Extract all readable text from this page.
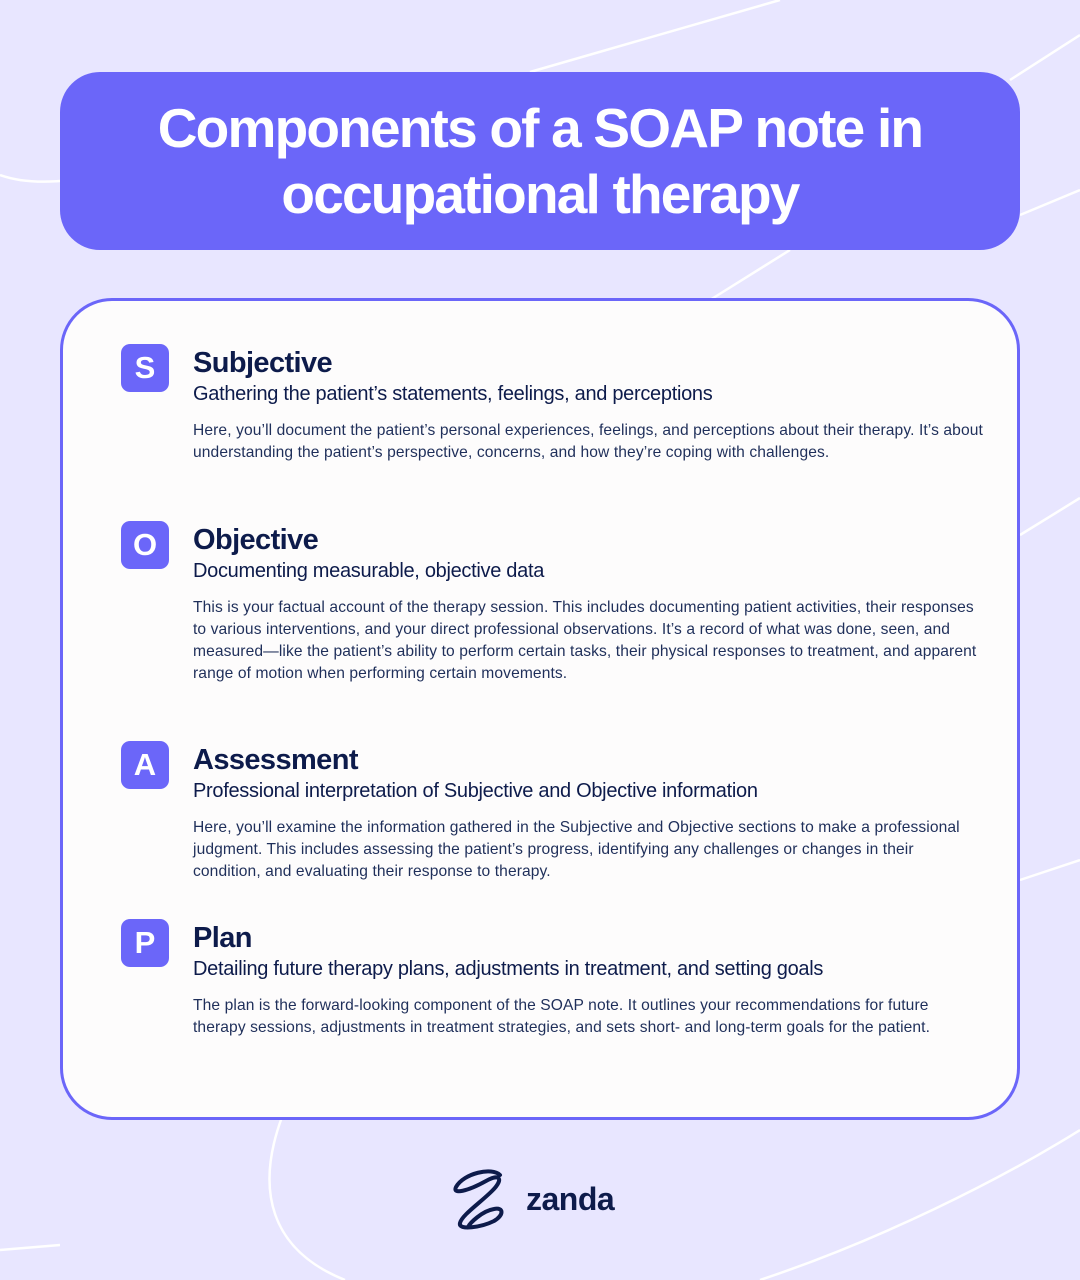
Components of a SOAP note in occupational therapy
S	Subjective

Gathering the patient’s statements, feelings, and perceptions

Here, you’ll document the patient’s personal experiences, feelings, and perceptions about their therapy. It’s about understanding the patient’s perspective, concerns, and how they’re coping with challenges.

O	Objective

Documenting measurable, objective data

This is your factual account of the therapy session. This includes documenting patient activities, their responses to various interventions, and your direct professional observations. It’s a record of what was done, seen, and measured—like the patient’s ability to perform certain tasks, their physical responses to treatment, and apparent range of motion when performing certain movements.

A	Assessment

Professional interpretation of Subjective and Objective information

Here, you’ll examine the information gathered in the Subjective and Objective sections to make a professional judgment. This includes assessing the patient’s progress, identifying any challenges or changes in their condition, and evaluating their response to therapy.

P	Plan

Detailing future therapy plans, adjustments in treatment, and setting goals

The plan is the forward-looking component of the SOAP note. It outlines your recommendations for future therapy sessions, adjustments in treatment strategies, and sets short- and long-term goals for the patient.

zanda
